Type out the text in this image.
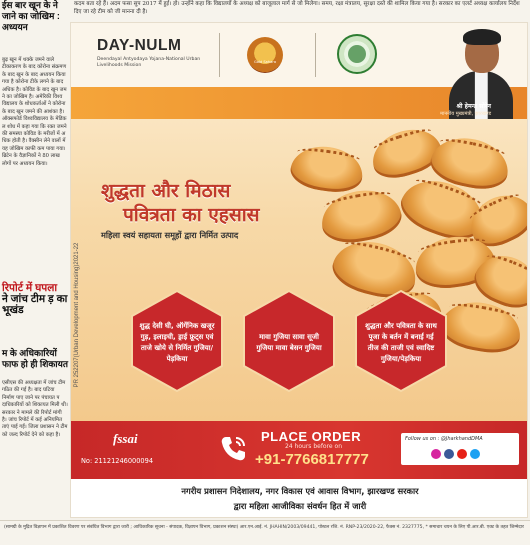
ईस बार खून के ने जाने का जोखिम : अध्ययन
बुढ़ खून में थक्के जमने वाले टीकाकरण के बाद कोरोना संक्रमण के बाद खुन के बाद अध्ययन किया गया है कोरोना टीके लगने के बाद अधिक है। कोविड के बाद खुन जमने का जोखिम है। अमेरिकी विश्वविद्यालय के शोधकर्ताओं ने कोरोना के बाद खुन जमने की आशंका है। ऑक्सफोर्ड विश्वविद्यालय के मेडिकल शोध में कहा गया कि रक्त जमने की समस्या कोविड के मरीजों में अधिक होती है। वैक्सीन लेने वालों में यह जोखिम काफी कम पाया गया। ब्रिटेन के वैज्ञानिकों ने 80 लाख लोगों पर अध्ययन किया।
रिपोर्ट में घपला
ने जांच टीम ड़ का भूखंड
म के अधिकारियों फाफ हो ही शिकायत
एसीएस की अध्यक्षता में जांच टीम गठित की गई है। बाद घटिया निर्माण पाए जाने पर पंचायत पदाधिकारियों को शिकायत मिली थी। सरकार ने मामले की रिपोर्ट मांगी है। जांच रिपोर्ट में कई अनियमितताएं पाई गईं। जिला प्रशासन ने टीम को जल्द रिपोर्ट देने को कहा है।
कदम बता रहे हैं। अदम फसा सुप 2017 में हुई। हो। उन्होंने कहा कि विद्यालयों के अध्यक्ष को बाजूलाल मार्ग से जो मिलेगा। समय, रक्षा मंत्रालय, सुरक्षा दस्ते की शामिल किया गया है। सरकार का एलर्ट अध्यक्ष कार्यालय निर्देश दिए जा रहे टीम को जी मानना दी है।
DAY-NULM
Deendayal Antyodaya Yojana-National Urban Livelihoods Mission
Gold Sahara
शुद्धता और मिठास
पवित्रता का एहसास
महिला स्वयं सहायता समूहों द्वारा निर्मित उत्पाद
शुद्ध देसी घी, ऑर्गेनिक खजूर गुड़, इलाइची, ड्राई फ्रूट्स एवं ताजे खोये से निर्मित गुजिया/पेड़किया
मावा गुजिया सावा सूजी गुजिया मावा बेसन गुजिया
शुद्धता और पवित्रता के साथ पूजा के बर्तन में बनाई गई तीज की ताजी एवं स्वादिष्ट गुजिया/पेड़किया
श्री हेमन्त सोरेन
माननीय मुख्यमंत्री, झारखण्ड
fssai
No: 21121246000094
PLACE ORDER
24 hours before on
+91-7766817777
Follow us on : @JharkhandDMA
नगरीय प्रशासन निदेशालय, नगर विकास एवं आवास विभाग, झारखण्ड सरकार
द्वारा महिला आजीविका संवर्धन हित में जारी
PR 252207(Urban Development and Housing)2021-22
(सामग्री के मुद्रित विज्ञापन में प्रकाशित विवरण पर संबंधित विभाग द्वारा जारी ; आधिकारिक सूचना - संपादक, विज्ञापन विभाग, प्रकाशन संस्था) आर.एन.आई. नं. JHAHIN/2003/09441, पोस्टल रजि. नं. RNP-23/2020-22, फैक्स नं. 2327775, * समाचार चयन के लिए पी.आर.बी. एक्ट के तहत जिम्मेदार
